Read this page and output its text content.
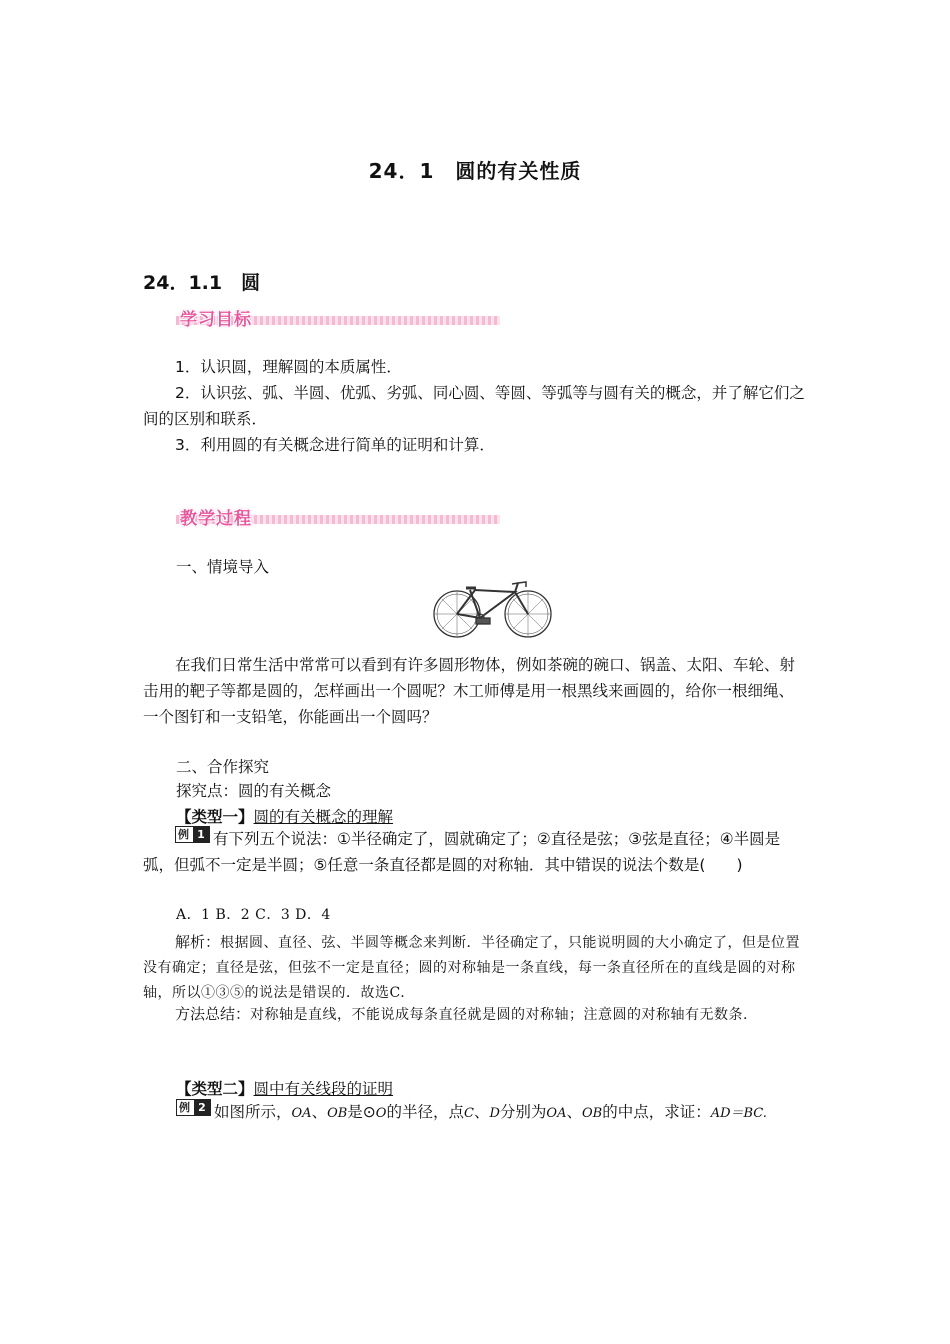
24．1　圆的有关性质
24．1.1　圆
学习目标
1．认识圆，理解圆的本质属性．
2．认识弦、弧、半圆、优弧、劣弧、同心圆、等圆、等弧等与圆有关的概念，并了解它们之间的区别和联系．
3．利用圆的有关概念进行简单的证明和计算．
教学过程
一、情境导入
在我们日常生活中常常可以看到有许多圆形物体，例如茶碗的碗口、锅盖、太阳、车轮、射击用的靶子等都是圆的，怎样画出一个圆呢？木工师傅是用一根黑线来画圆的，给你一根细绳、一个图钉和一支铅笔，你能画出一个圆吗？
二、合作探究
探究点：圆的有关概念
【类型一】圆的有关概念的理解
例 1 有下列五个说法：①半径确定了，圆就确定了；②直径是弦；③弦是直径；④半圆是弧，但弧不一定是半圆；⑤任意一条直径都是圆的对称轴．其中错误的说法个数是(　　)
A．1 B．2 C．3 D．4
解析：根据圆、直径、弦、半圆等概念来判断．半径确定了，只能说明圆的大小确定了，但是位置没有确定；直径是弦，但弦不一定是直径；圆的对称轴是一条直线，每一条直径所在的直线是圆的对称轴，所以①③⑤的说法是错误的．故选C.
方法总结：对称轴是直线，不能说成每条直径就是圆的对称轴；注意圆的对称轴有无数条.
【类型二】圆中有关线段的证明
例 2 如图所示，OA、OB是⊙O的半径，点C、D分别为OA、OB的中点，求证：AD＝BC.
